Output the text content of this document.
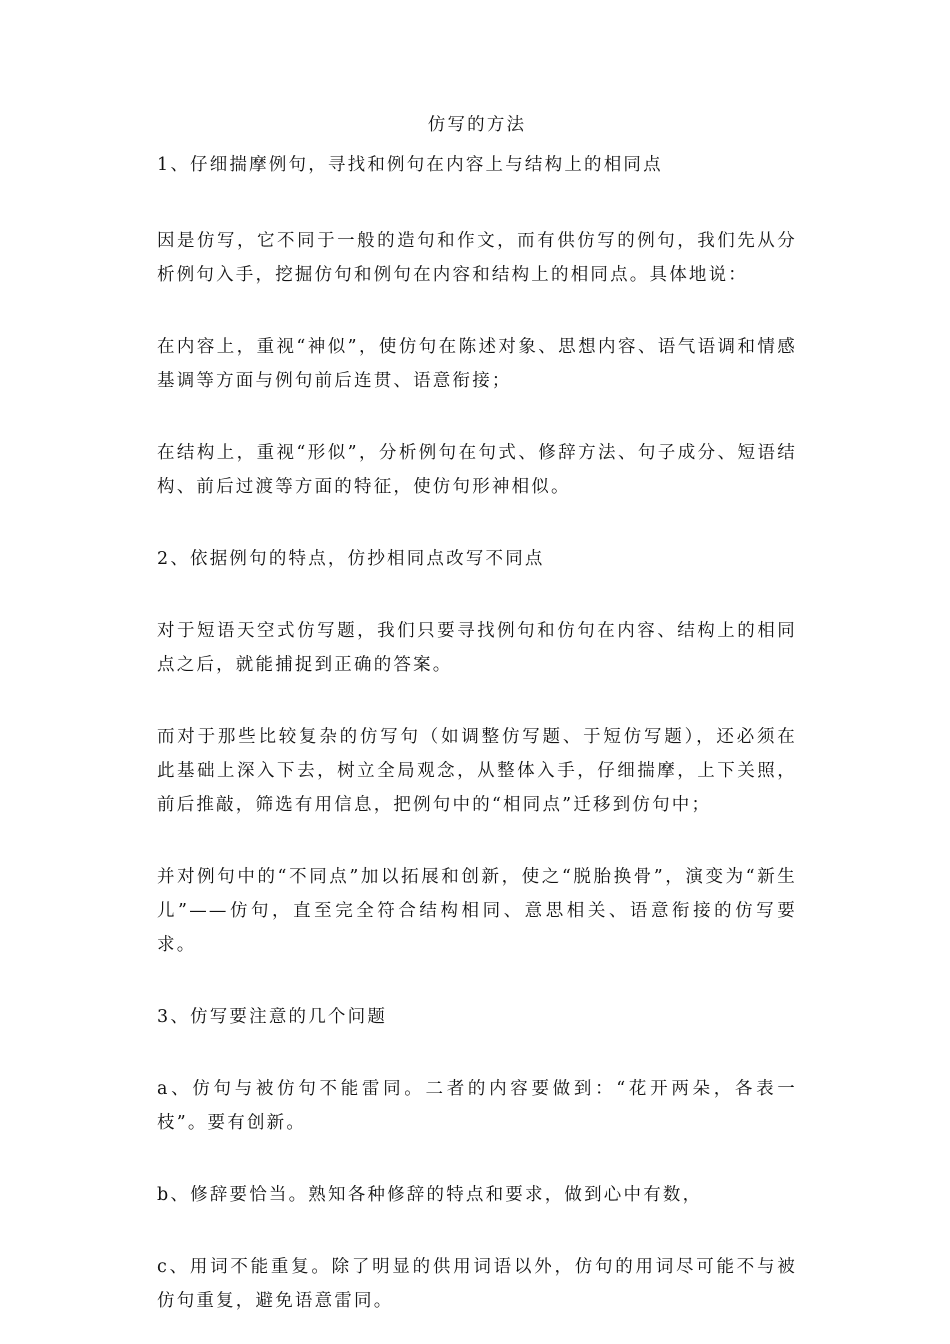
仿写的方法

1、仔细揣摩例句，寻找和例句在内容上与结构上的相同点

因是仿写，它不同于一般的造句和作文，而有供仿写的例句，我们先从分析例句入手，挖掘仿句和例句在内容和结构上的相同点。具体地说：

在内容上，重视“神似”，使仿句在陈述对象、思想内容、语气语调和情感基调等方面与例句前后连贯、语意衔接；

在结构上，重视“形似”，分析例句在句式、修辞方法、句子成分、短语结构、前后过渡等方面的特征，使仿句形神相似。

2、依据例句的特点，仿抄相同点改写不同点

对于短语天空式仿写题，我们只要寻找例句和仿句在内容、结构上的相同点之后，就能捕捉到正确的答案。

而对于那些比较复杂的仿写句（如调整仿写题、于短仿写题），还必须在此基础上深入下去，树立全局观念，从整体入手，仔细揣摩，上下关照，前后推敲，筛选有用信息，把例句中的“相同点”迁移到仿句中；

并对例句中的“不同点”加以拓展和创新，使之“脱胎换骨”，演变为“新生儿”——仿句，直至完全符合结构相同、意思相关、语意衔接的仿写要求。

3、仿写要注意的几个问题

a、仿句与被仿句不能雷同。二者的内容要做到：“花开两朵，各表一枝”。要有创新。

b、修辞要恰当。熟知各种修辞的特点和要求，做到心中有数，

c、用词不能重复。除了明显的供用词语以外，仿句的用词尽可能不与被仿句重复，避免语意雷同。
